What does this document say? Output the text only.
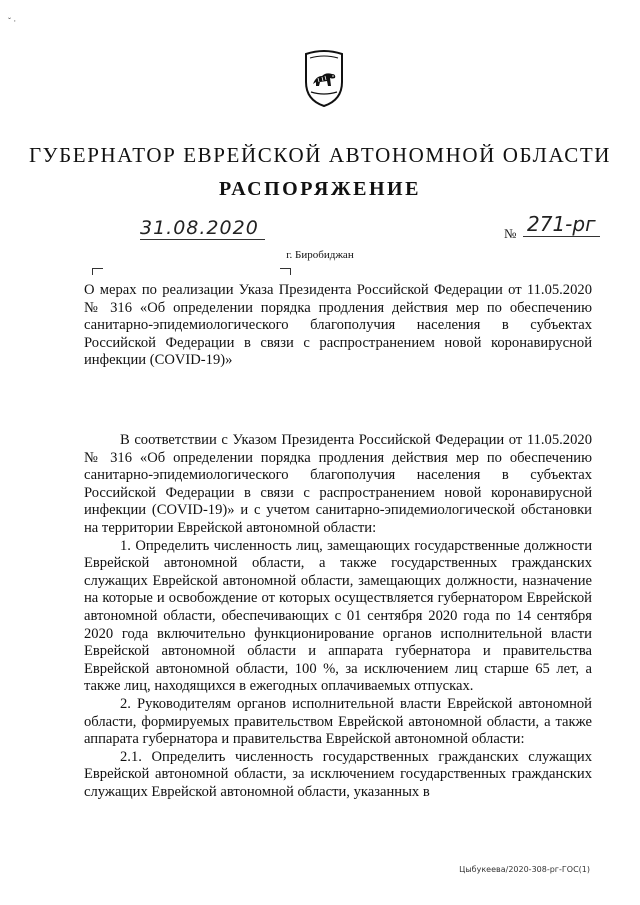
ˇ ·
ГУБЕРНАТОР ЕВРЕЙСКОЙ АВТОНОМНОЙ ОБЛАСТИ
РАСПОРЯЖЕНИЕ
31.08.2020	№ 271-рг
г. Биробиджан
О мерах по реализации Указа Президента Российской Федерации от 11.05.2020 № 316 «Об определении порядка продления действия мер по обеспечению санитарно-эпидемиологического благополучия населения в субъектах Российской Федерации в связи с распространением новой коронавирусной инфекции (COVID-19)»

В соответствии с Указом Президента Российской Федерации от 11.05.2020 № 316 «Об определении порядка продления действия мер по обеспечению санитарно-эпидемиологического благополучия населения в субъектах Российской Федерации в связи с распространением новой коронавирусной инфекции (COVID-19)» и с учетом санитарно-эпидемиологической обстановки на территории Еврейской автономной области:

1. Определить численность лиц, замещающих государственные должности Еврейской автономной области, а также государственных гражданских служащих Еврейской автономной области, замещающих должности, назначение на которые и освобождение от которых осуществляется губернатором Еврейской автономной области, обеспечивающих с 01 сентября 2020 года по 14 сентября 2020 года включительно функционирование органов исполнительной власти Еврейской автономной области и аппарата губернатора и правительства Еврейской автономной области, 100 %, за исключением лиц старше 65 лет, а также лиц, находящихся в ежегодных оплачиваемых отпусках.

2. Руководителям органов исполнительной власти Еврейской автономной области, формируемых правительством Еврейской автономной области, а также аппарата губернатора и правительства Еврейской автономной области:

2.1. Определить численность государственных гражданских служащих Еврейской автономной области, за исключением государственных гражданских служащих Еврейской автономной области, указанных в

Цыбукеева/2020-308-рг-ГОС(1)
